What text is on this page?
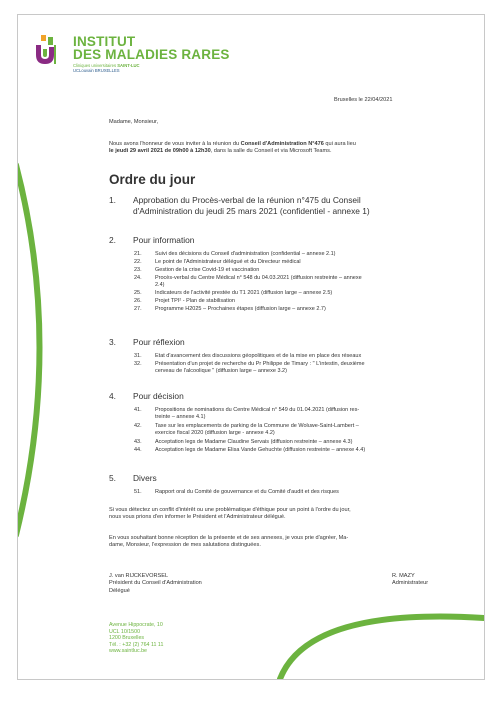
INSTITUT
DES MALADIES RARES
Cliniques universitaires SAINT-LUC
UCLouvain BRUXELLES
Bruxelles le 22/04/2021
Madame, Monsieur,
Nous avons l'honneur de vous inviter à la réunion du Conseil d'Administration N°476 qui aura lieu
le jeudi 29 avril 2021 de 09h00 à 12h30, dans la salle du Conseil et via Microsoft Teams.
Ordre du jour
1.	Approbation du Procès-verbal de la réunion n°475 du Conseil
d'Administration du jeudi 25 mars 2021 (confidentiel - annexe 1)
2. Pour information
3. Pour réflexion
4. Pour décision
5. Divers
21. Suivi des décisions du Conseil d'administration (confidential – annexe 2.1)
22. Le point de l'Administrateur délégué et du Directeur médical
23. Gestion de la crise Covid-19 et vaccination
24. Procès-verbal du Centre Médical n° 548 du 04.03.2021 (diffusion restreinte – annexe
2.4)
25. Indicateurs de l'activité prestée du T1 2021 (diffusion large – annexe 2.5)
26. Projet TPI² - Plan de stabilisation
27. Programme H2025 – Prochaines étapes (diffusion large – annexe 2.7)
31. Etat d'avancement des discussions géopolitiques et de la mise en place des réseaux
32. Présentation d'un projet de recherche du Pr Philippe de Timary : " L'intestin, deuxième
cerveau de l'alcoolique " (diffusion large – annexe 3.2)
41. Propositions de nominations du Centre Médical n° 549 du 01.04.2021 (diffusion res-
treinte – annexe 4.1)
42. Taxe sur les emplacements de parking de la Commune de Woluwe-Saint-Lambert –
exercice fiscal 2020 (diffusion large - annexe 4.2)
43. Acceptation legs de Madame Claudine Servais (diffusion restreinte – annexe 4.3)
44. Acceptation legs de Madame Elisa Vande Gehuchte (diffusion restreinte – annexe 4.4)
51. Rapport oral du Comité de gouvernance et du Comité d'audit et des risques
Si vous détectez un conflit d'intérêt ou une problématique d'éthique pour un point à l'ordre du jour,
nous vous prions d'en informer le Président et l'Administrateur délégué.
En vous souhaitant bonne réception de la présente et de ses annexes, je vous prie d'agréer, Ma-
dame, Monsieur, l'expression de mes salutations distinguées.
J. van RIJCKEVORSEL
Président du Conseil d'Administration
Délégué
R. MAZY
Administrateur
Avenue Hippocrate, 10
UCL 10/1500
1200 Bruxelles
Tél. : +32 (2) 764 11 11
www.saintluc.be
